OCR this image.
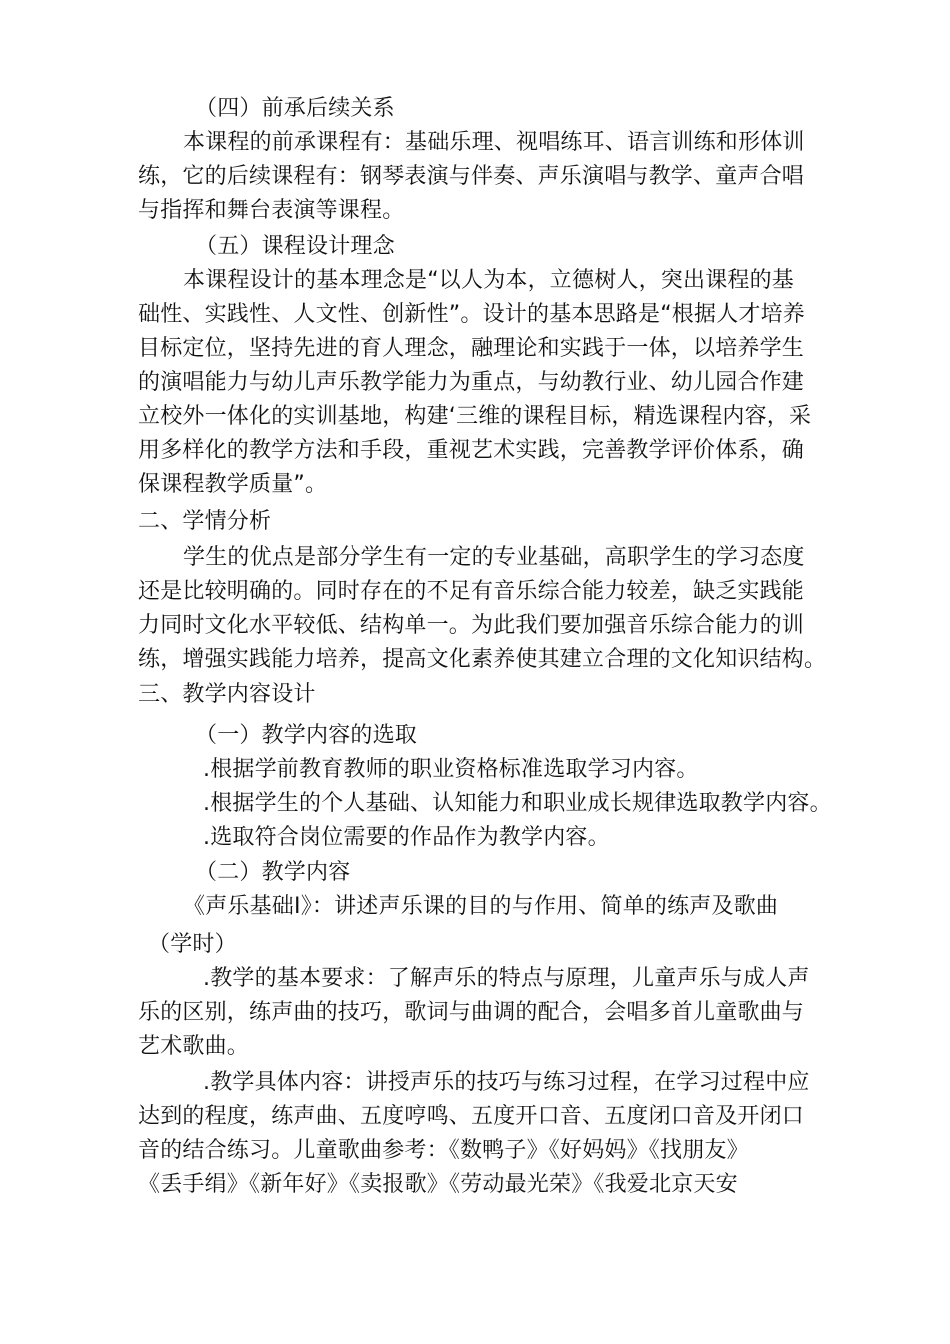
（四）前承后续关系
本课程的前承课程有：基础乐理、视唱练耳、语言训练和形体训
练，它的后续课程有：钢琴表演与伴奏、声乐演唱与教学、童声合唱
与指挥和舞台表演等课程。
（五）课程设计理念
本课程设计的基本理念是“以人为本，立德树人，突出课程的基
础性、实践性、人文性、创新性”。设计的基本思路是“根据人才培养
目标定位，坚持先进的育人理念，融理论和实践于一体，以培养学生
的演唱能力与幼儿声乐教学能力为重点，与幼教行业、幼儿园合作建
立校外一体化的实训基地，构建‘三维的课程目标，精选课程内容，采
用多样化的教学方法和手段，重视艺术实践，完善教学评价体系，确
保课程教学质量”。
二、学情分析
学生的优点是部分学生有一定的专业基础，高职学生的学习态度
还是比较明确的。同时存在的不足有音乐综合能力较差，缺乏实践能
力同时文化水平较低、结构单一。为此我们要加强音乐综合能力的训
练，增强实践能力培养，提高文化素养使其建立合理的文化知识结构。
三、教学内容设计
（一）教学内容的选取
.根据学前教育教师的职业资格标准选取学习内容。
.根据学生的个人基础、认知能力和职业成长规律选取教学内容。
.选取符合岗位需要的作品作为教学内容。
（二）教学内容
《声乐基础Ⅰ》：讲述声乐课的目的与作用、简单的练声及歌曲
（学时）
.教学的基本要求：了解声乐的特点与原理，儿童声乐与成人声
乐的区别，练声曲的技巧，歌词与曲调的配合，会唱多首儿童歌曲与
艺术歌曲。
.教学具体内容：讲授声乐的技巧与练习过程，在学习过程中应
达到的程度，练声曲、五度哼鸣、五度开口音、五度闭口音及开闭口
音的结合练习。儿童歌曲参考：《数鸭子》《好妈妈》《找朋友》
《丢手绢》《新年好》《卖报歌》《劳动最光荣》《我爱北京天安
